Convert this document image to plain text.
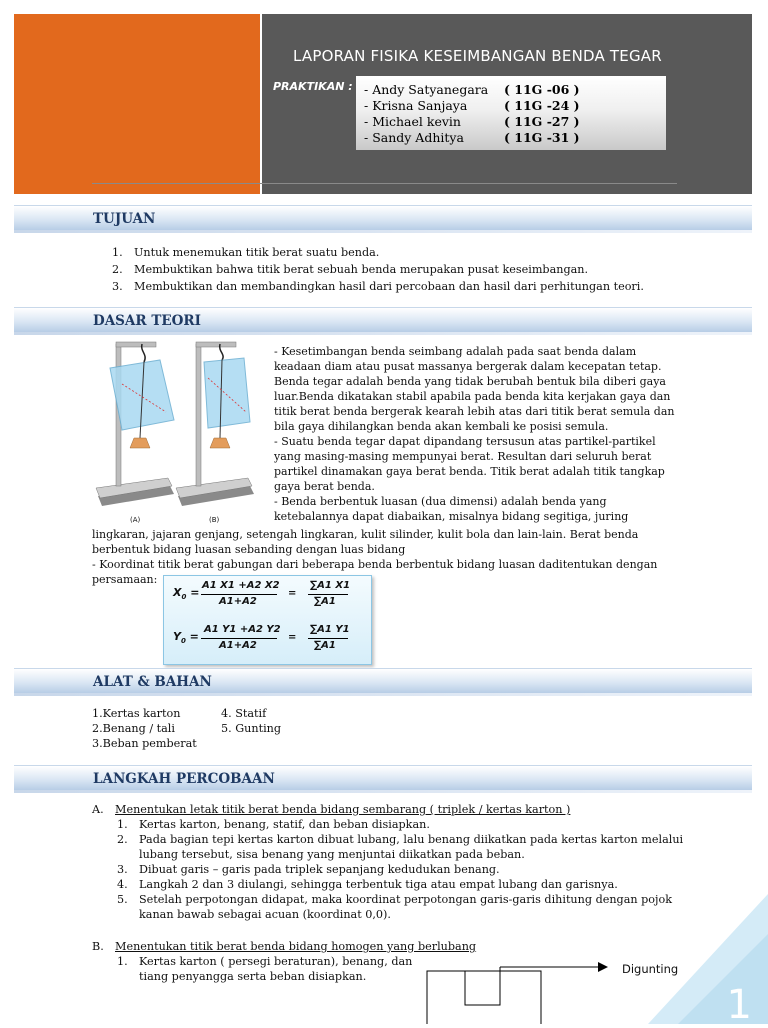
LAPORAN FISIKA KESEIMBANGAN BENDA TEGAR
PRAKTIKAN : - Andy Satyanegara ( 11G -06 )
- Krisna Sanjaya	( 11G -24 )
- Michael kevin	( 11G -27 )
- Sandy Adhitya	( 11G -31 )
TUJUAN
1. Untuk menemukan titik berat suatu benda.
2. Membuktikan bahwa titik berat sebuah benda merupakan pusat keseimbangan.
3. Membuktikan dan membandingkan hasil dari percobaan dan hasil dari perhitungan teori.
DASAR TEORI
(A)	(B)
- Kesetimbangan benda seimbang adalah pada saat benda dalam
keadaan diam atau pusat massanya bergerak dalam kecepatan tetap.
Benda tegar adalah benda yang tidak berubah bentuk bila diberi gaya
luar.Benda dikatakan stabil apabila pada benda kita kerjakan gaya dan
titik berat benda bergerak kearah lebih atas dari titik berat semula dan
bila gaya dihilangkan benda akan kembali ke posisi semula.
- Suatu benda tegar dapat dipandang tersusun atas partikel-partikel
yang masing-masing mempunyai berat. Resultan dari seluruh berat
partikel dinamakan gaya berat benda. Titik berat adalah titik tangkap
gaya berat benda.
- Benda berbentuk luasan (dua dimensi) adalah benda yang
ketebalannya dapat diabaikan, misalnya bidang segitiga, juring
lingkaran, jajaran genjang, setengah lingkaran, kulit silinder, kulit bola dan lain-lain. Berat benda
berbentuk bidang luasan sebanding dengan luas bidang
- Koordinat titik berat gabungan dari beberapa benda berbentuk bidang luasan daditentukan dengan
persamaan:
$X_0$ =
A1 X1 +A2 X2
A1+A2
=
∑A1 X1
∑A1
$Y_0$ =
A1 Y1 +A2 Y2
A1+A2
=
∑A1 Y1
∑A1
ALAT & BAHAN
1.Kertas karton
2.Benang / tali
3.Beban pemberat
4. Statif
5. Gunting
LANGKAH PERCOBAAN
A. Menentukan letak titik berat benda bidang sembarang ( triplek / kertas karton )
1. Kertas karton, benang, statif, dan beban disiapkan.
2. Pada bagian tepi kertas karton dibuat lubang, lalu benang diikatkan pada kertas karton melalui
lubang tersebut, sisa benang yang menjuntai diikatkan pada beban.
3. Dibuat garis – garis pada triplek sepanjang kedudukan benang.
4. Langkah 2 dan 3 diulangi, sehingga terbentuk tiga atau empat lubang dan garisnya.
5. Setelah perpotongan didapat, maka koordinat perpotongan garis-garis dihitung dengan pojok
kanan bawab sebagai acuan (koordinat 0,0).
B. Menentukan titik berat benda bidang homogen yang berlubang
1. Kertas karton ( persegi beraturan), benang, dan
tiang penyangga serta beban disiapkan.
Digunting
1
